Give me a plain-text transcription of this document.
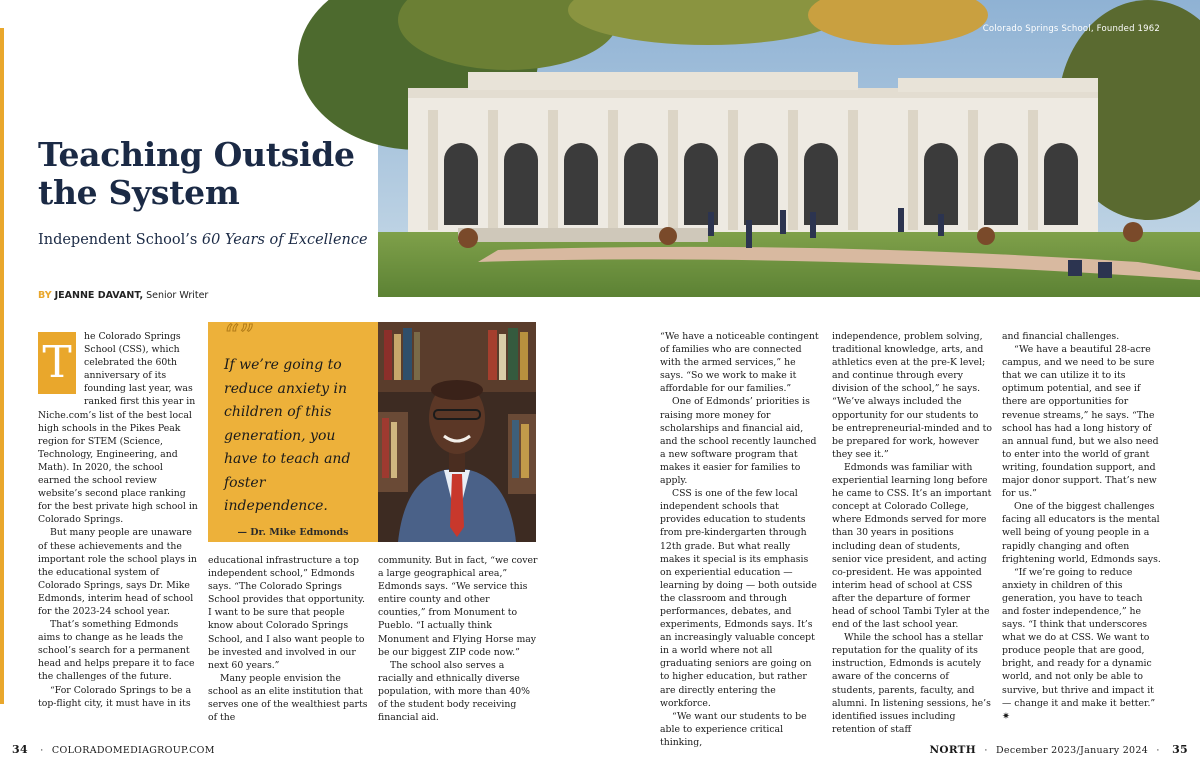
Teaching Outside the System
Independent School’s 60 Years of Excellence
BY JEANNE DAVANT, Senior Writer
Colorado Springs School, Founded 1962
T

he Colorado Springs School (CSS), which celebrated the 60th anniversary of its founding last year, was ranked first this year in Niche.com’s list of the best local high schools in the Pikes Peak region for STEM (Science, Technology, Engineering, and Math). In 2020, the school earned the school review website’s second place ranking for the best private high school in Colorado Springs.

But many people are unaware of these achievements and the important role the school plays in the educational system of Colorado Springs, says Dr. Mike Edmonds, interim head of school for the 2023-24 school year.

That’s something Edmonds aims to change as he leads the school’s search for a permanent head and helps prepare it to face the challenges of the future.

“For Colorado Springs to be a top-flight city, it must have in its

“”
If we’re going to reduce anxiety in children of this generation, you have to teach and foster independence.
— Dr. Mike Edmonds

educational infrastructure a top independent school,” Edmonds says. “The Colorado Springs School provides that opportunity. I want to be sure that people know about Colorado Springs School, and I also want people to be invested and involved in our next 60 years.”

Many people envision the school as an elite institution that serves one of the wealthiest parts of the

community. But in fact, “we cover a large geographical area,” Edmonds says. “We service this entire county and other counties,” from Monument to Pueblo. “I actually think Monument and Flying Horse may be our biggest ZIP code now.”

The school also serves a racially and ethnically diverse population, with more than 40% of the student body receiving financial aid.

“We have a noticeable contingent of families who are connected with the armed services,” he says. “So we work to make it affordable for our families.”

One of Edmonds’ priorities is raising more money for scholarships and financial aid, and the school recently launched a new software program that makes it easier for families to apply.

CSS is one of the few local independent schools that provides education to students from pre-kindergarten through 12th grade. But what really makes it special is its emphasis on experiential education — learning by doing — both outside the classroom and through performances, debates, and experiments, Edmonds says. It’s an increasingly valuable concept in a world where not all graduating seniors are going on to higher education, but rather are directly entering the workforce.

“We want our students to be able to experience critical thinking,

independence, problem solving, traditional knowledge, arts, and athletics even at the pre-K level; and continue through every division of the school,” he says. “We’ve always included the opportunity for our students to be entrepreneurial-minded and to be prepared for work, however they see it.”

Edmonds was familiar with experiential learning long before he came to CSS. It’s an important concept at Colorado College, where Edmonds served for more than 30 years in positions including dean of students, senior vice president, and acting co-president. He was appointed interim head of school at CSS after the departure of former head of school Tambi Tyler at the end of the last school year.

While the school has a stellar reputation for the quality of its instruction, Edmonds is acutely aware of the concerns of students, parents, faculty, and alumni. In listening sessions, he’s identified issues including retention of staff

and financial challenges.

“We have a beautiful 28-acre campus, and we need to be sure that we can utilize it to its optimum potential, and see if there are opportunities for revenue streams,” he says. “The school has had a long history of an annual fund, but we also need to enter into the world of grant writing, foundation support, and major donor support. That’s new for us.”

One of the biggest challenges facing all educators is the mental well being of young people in a rapidly changing and often frightening world, Edmonds says.

“If we’re going to reduce anxiety in children of this generation, you have to teach and foster independence,” he says. “I think that underscores what we do at CSS. We want to produce people that are good, bright, and ready for a dynamic world, and not only be able to survive, but thrive and impact it — change it and make it better.” ✷

34 · COLORADOMEDIAGROUP.COM	NORTH · December 2023/January 2024 · 35
